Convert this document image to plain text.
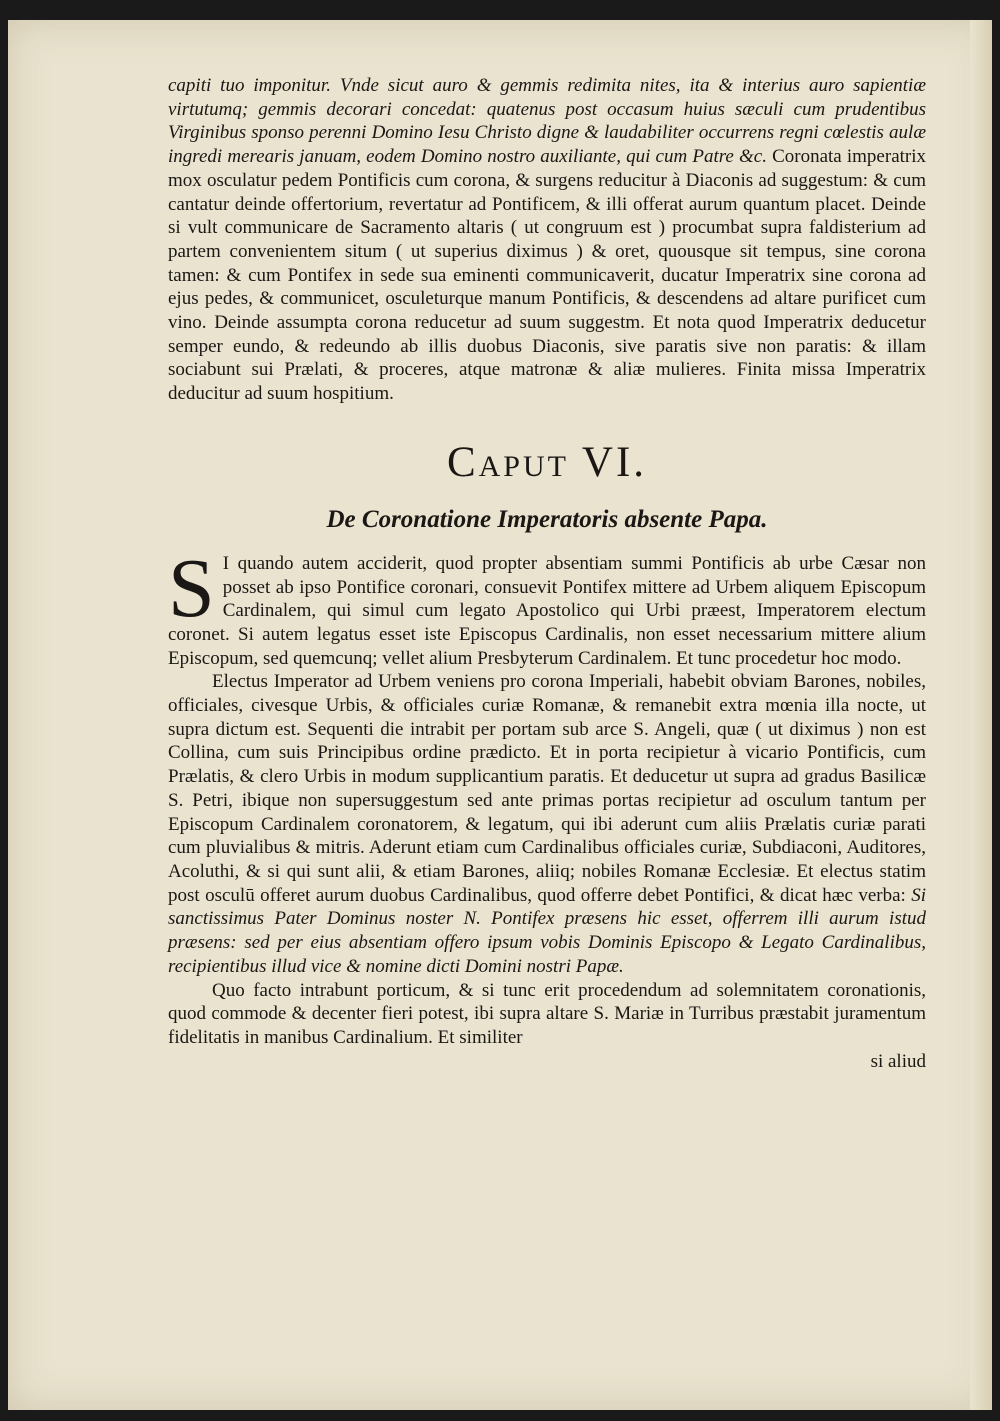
capiti tuo imponitur. Vnde sicut auro & gemmis redimita nites, ita & interius auro sapientiæ virtutumq; gemmis decorari concedat: quatenus post occasum huius sæculi cum prudentibus Virginibus sponso perenni Domino Iesu Christo digne & laudabiliter occurrens regni cœlestis aulæ ingredi merearis januam, eodem Domino nostro auxiliante, qui cum Patre &c. Coronata imperatrix mox osculatur pedem Pontificis cum corona, & surgens reducitur à Diaconis ad suggestum: & cum cantatur deinde offertorium, revertatur ad Pontificem, & illi offerat aurum quantum placet. Deinde si vult communicare de Sacramento altaris ( ut congruum est ) procumbat supra faldisterium ad partem convenientem situm ( ut superius diximus ) & oret, quousque sit tempus, sine corona tamen: & cum Pontifex in sede sua eminenti communicaverit, ducatur Imperatrix sine corona ad ejus pedes, & communicet, osculeturque manum Pontificis, & descendens ad altare purificet cum vino. Deinde assumpta corona reducetur ad suum suggestm. Et nota quod Imperatrix deducetur semper eundo, & redeundo ab illis duobus Diaconis, sive paratis sive non paratis: & illam sociabunt sui Prælati, & proceres, atque matronæ & aliæ mulieres. Finita missa Imperatrix deducitur ad suum hospitium.

Caput VI.
De Coronatione Imperatoris absente Papa.

S I quando autem acciderit, quod propter absentiam summi Pontificis ab urbe Cæsar non posset ab ipso Pontifice coronari, consuevit Pontifex mittere ad Urbem aliquem Episcopum Cardinalem, qui simul cum legato Apostolico qui Urbi præest, Imperatorem electum coronet. Si autem legatus esset iste Episcopus Cardinalis, non esset necessarium mittere alium Episcopum, sed quemcunq; vellet alium Presbyterum Cardinalem. Et tunc procedetur hoc modo.

Electus Imperator ad Urbem veniens pro corona Imperiali, habebit obviam Barones, nobiles, officiales, civesque Urbis, & officiales curiæ Romanæ, & remanebit extra mœnia illa nocte, ut supra dictum est. Sequenti die intrabit per portam sub arce S. Angeli, quæ ( ut diximus ) non est Collina, cum suis Principibus ordine prædicto. Et in porta recipietur à vicario Pontificis, cum Prælatis, & clero Urbis in modum supplicantium paratis. Et deducetur ut supra ad gradus Basilicæ S. Petri, ibique non supersuggestum sed ante primas portas recipietur ad osculum tantum per Episcopum Cardinalem coronatorem, & legatum, qui ibi aderunt cum aliis Prælatis curiæ parati cum pluvialibus & mitris. Aderunt etiam cum Cardinalibus officiales curiæ, Subdiaconi, Auditores, Acoluthi, & si qui sunt alii, & etiam Barones, aliiq; nobiles Romanæ Ecclesiæ. Et electus statim post osculū offeret aurum duobus Cardinalibus, quod offerre debet Pontifici, & dicat hæc verba: Si sanctissimus Pater Dominus noster N. Pontifex præsens hic esset, offerrem illi aurum istud præsens: sed per eius absentiam offero ipsum vobis Dominis Episcopo & Legato Cardinalibus, recipientibus illud vice & nomine dicti Domini nostri Papæ.

Quo facto intrabunt porticum, & si tunc erit procedendum ad solemnitatem coronationis, quod commode & decenter fieri potest, ibi supra altare S. Mariæ in Turribus præstabit juramentum fidelitatis in manibus Cardinalium. Et similiter

si aliud
